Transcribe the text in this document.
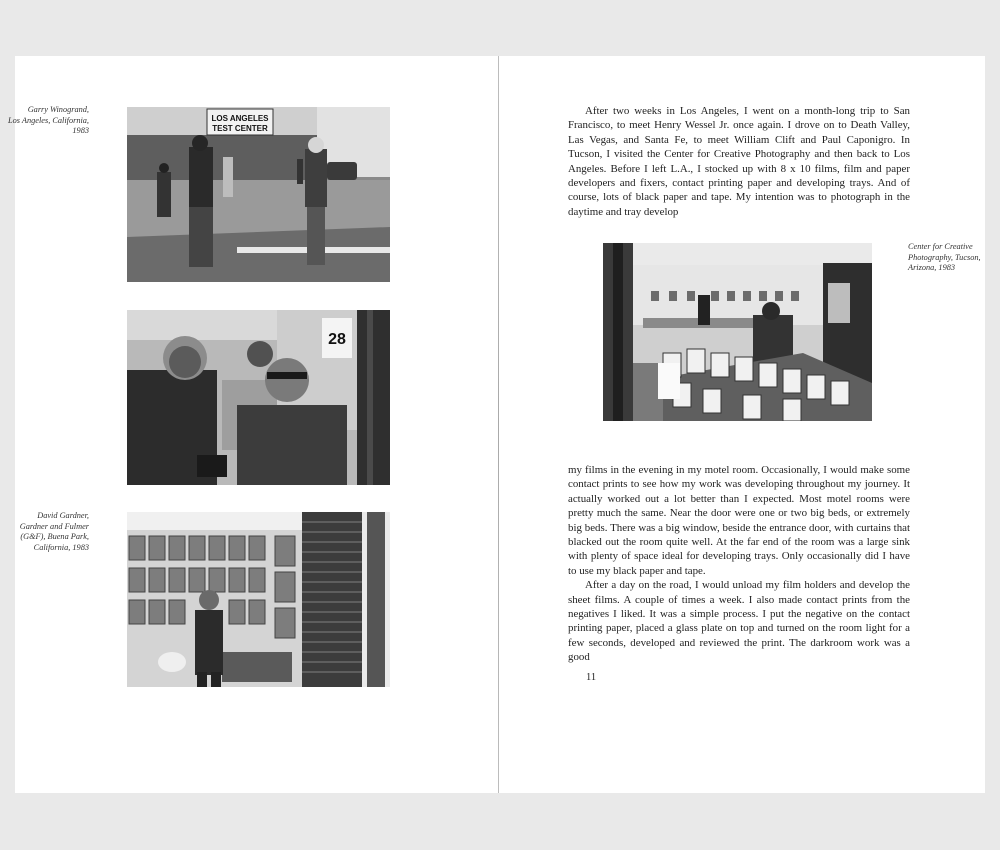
Garry Winogrand,
Los Angeles, California,
1983
LOS ANGELES
TEST CENTER
28
David Gardner,
Gardner and Fulmer
(G&F), Buena Park,
California, 1983

After two weeks in Los Angeles, I went on a month-long trip to San Francisco, to meet Henry Wessel Jr. once again. I drove on to Death Valley, Las Vegas, and Santa Fe, to meet William Clift and Paul Caponigro. In Tucson, I visited the Center for Creative Photography and then back to Los Angeles. Before I left L.A., I stocked up with 8 x 10 films, film and paper developers and fixers, contact printing paper and developing trays. And of course, lots of black paper and tape. My intention was to photograph in the daytime and tray develop

Center for Creative
Photography, Tucson,
Arizona, 1983

my films in the evening in my motel room. Occasionally, I would make some contact prints to see how my work was developing throughout my journey. It actually worked out a lot better than I expected. Most motel rooms were pretty much the same. Near the door were one or two big beds, or extremely big beds. There was a big window, beside the entrance door, with curtains that blacked out the room quite well. At the far end of the room was a large sink with plenty of space ideal for developing trays. Only occasionally did I have to use my black paper and tape.

After a day on the road, I would unload my film holders and develop the sheet films. A couple of times a week. I also made contact prints from the negatives I liked. It was a simple process. I put the negative on the contact printing paper, placed a glass plate on top and turned on the room light for a few seconds, developed and reviewed the print. The darkroom work was a good

11
